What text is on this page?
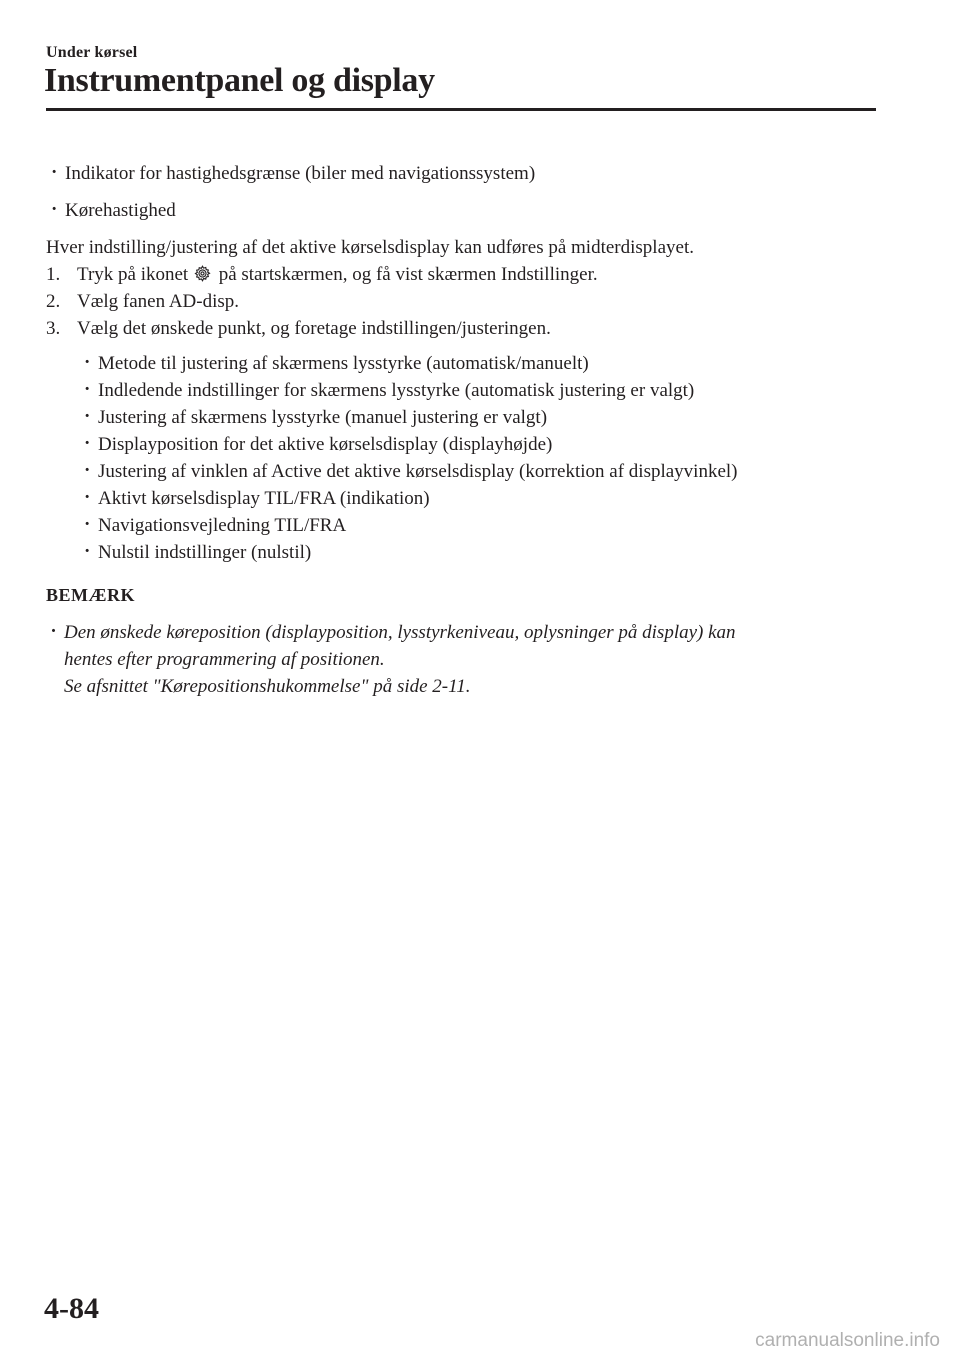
Under kørsel
Instrumentpanel og display
· Indikator for hastighedsgrænse (biler med navigationssystem)
· Kørehastighed

Hver indstilling/justering af det aktive kørselsdisplay kan udføres på midterdisplayet.

1. Tryk på ikonet på startskærmen, og få vist skærmen Indstillinger.
2. Vælg fanen AD-disp.
3. Vælg det ønskede punkt, og foretage indstillingen/justeringen.
· Metode til justering af skærmens lysstyrke (automatisk/manuelt)
· Indledende indstillinger for skærmens lysstyrke (automatisk justering er valgt)
· Justering af skærmens lysstyrke (manuel justering er valgt)
· Displayposition for det aktive kørselsdisplay (displayhøjde)
· Justering af vinklen af Active det aktive kørselsdisplay (korrektion af displayvinkel)
· Aktivt kørselsdisplay TIL/FRA (indikation)
· Navigationsvejledning TIL/FRA
· Nulstil indstillinger (nulstil)
BEMÆRK
· Den ønskede køreposition (displayposition, lysstyrkeniveau, oplysninger på display) kan
hentes efter programmering af positionen.
Se afsnittet "Kørepositionshukommelse" på side 2-11.
4-84
carmanualsonline.info
